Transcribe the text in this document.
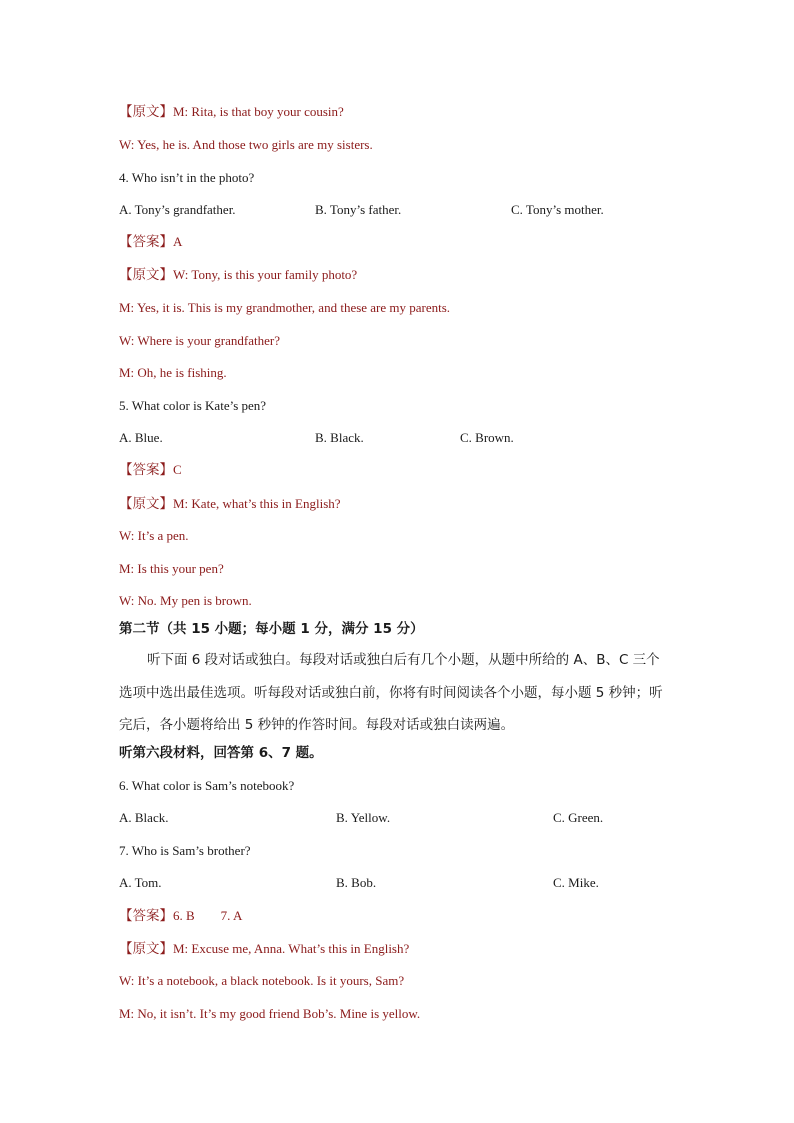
【原文】M: Rita, is that boy your cousin?
W: Yes, he is. And those two girls are my sisters.
4. Who isn’t in the photo?
A. Tony’s grandfather.	B. Tony’s father.	C. Tony’s mother.
【答案】A
【原文】W: Tony, is this your family photo?
M: Yes, it is. This is my grandmother, and these are my parents.
W: Where is your grandfather?
M: Oh, he is fishing.
5. What color is Kate’s pen?
A. Blue.	B. Black.	C. Brown.
【答案】C
【原文】M: Kate, what’s this in English?
W: It’s a pen.
M: Is this your pen?
W: No. My pen is brown.
第二节（共 15 小题；每小题 1 分，满分 15 分）
听下面 6 段对话或独白。每段对话或独白后有几个小题，从题中所给的 A、B、C 三个
选项中选出最佳选项。听每段对话或独白前，你将有时间阅读各个小题，每小题 5 秒钟；听
完后，各小题将给出 5 秒钟的作答时间。每段对话或独白读两遍。
听第六段材料，回答第 6、7 题。
6. What color is Sam’s notebook?
A. Black.	B. Yellow.	C. Green.
7. Who is Sam’s brother?
A. Tom.	B. Bob.	C. Mike.
【答案】6. B 7. A
【原文】M: Excuse me, Anna. What’s this in English?
W: It’s a notebook, a black notebook. Is it yours, Sam?
M: No, it isn’t. It’s my good friend Bob’s. Mine is yellow.
